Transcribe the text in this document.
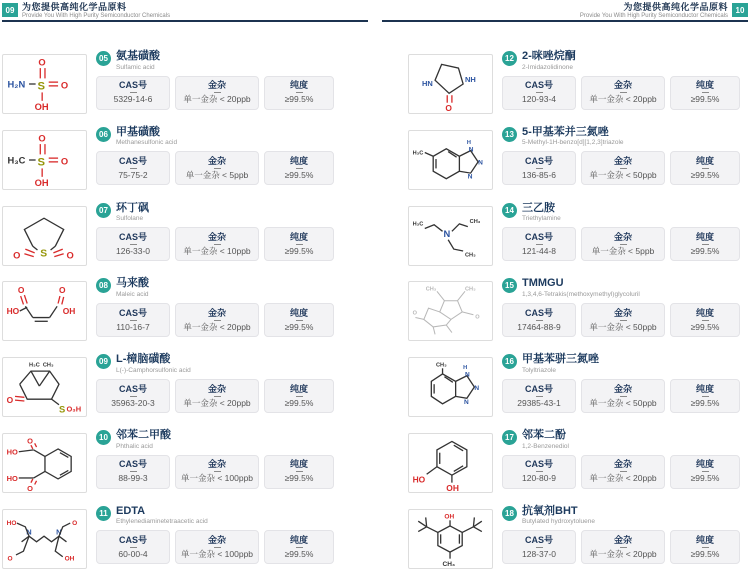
09 为您提供高纯化学品原料
Provide You With High Purity Semiconductor Chemicals
H₂N S
O
O
OH
05 氨基磺酸
Sulfamic acid
CAS号
5329-14-6
金杂
单一金杂 < 20ppb
纯度
≥99.5%
H₃C S
O
O
OH
06 甲基磺酸
Methanesulfonic acid
CAS号
75-75-2
金杂
单一金杂 < 5ppb
纯度
≥99.5%
S
O	O
07 环丁砜
Sulfolane
CAS号
126-33-0
金杂
单一金杂 < 10ppb
纯度
≥99.5%
O
HO
O
OH
08 马来酸
Maleic acid
CAS号
110-16-7
金杂
单一金杂 < 20ppb
纯度
≥99.5%
H₃C  CH₃
O
S O₃H
09 L-樟脑磺酸
L(-)-Camphorsulfonic acid
CAS号
35963-20-3
金杂
单一金杂 < 20ppb
纯度
≥99.5%
O
HO
O
HO
10 邻苯二甲酸
Phthalic acid
CAS号
88-99-3
金杂
单一金杂 < 100ppb
纯度
≥99.5%
N	N
HO	O
O	OH
11 EDTA
Ethylenediaminetetraacetic acid
CAS号
60-00-4
金杂
单一金杂 < 100ppb
纯度
≥99.5%
为您提供高纯化学品原料
Provide You With High Purity Semiconductor Chemicals
10
HN	NH
O
12 2-咪唑烷酮
2-Imidazolidinone
CAS号
120-93-4
金杂
单一金杂 < 20ppb
纯度
≥99.5%
H₃C
H
N
N
N
13 5-甲基苯并三氮唑
5-Methyl-1H-benzo[d][1,2,3]triazole
CAS号
136-85-6
金杂
单一金杂 < 50ppb
纯度
≥99.5%
N
CH₃
H₃C
CH₃
14 三乙胺
Triethylamine
CAS号
121-44-8
金杂
单一金杂 < 5ppb
纯度
≥99.5%
CH₃	CH₃
O
O
15 TMMGU
1,3,4,6-Tetrakis(methoxymethyl)glycoluril
CAS号
17464-88-9
金杂
单一金杂 < 50ppb
纯度
≥99.5%
CH₃	H
N
N
N
16 甲基苯骈三氮唑
Tolyltriazole
CAS号
29385-43-1
金杂
单一金杂 < 50ppb
纯度
≥99.5%
HO
OH
17 邻苯二酚
1,2-Benzenediol
CAS号
120-80-9
金杂
单一金杂 < 20ppb
纯度
≥99.5%
OH
CH₃
18 抗氧剂BHT
Butylated hydroxytoluene
CAS号
128-37-0
金杂
单一金杂 < 20ppb
纯度
≥99.5%
